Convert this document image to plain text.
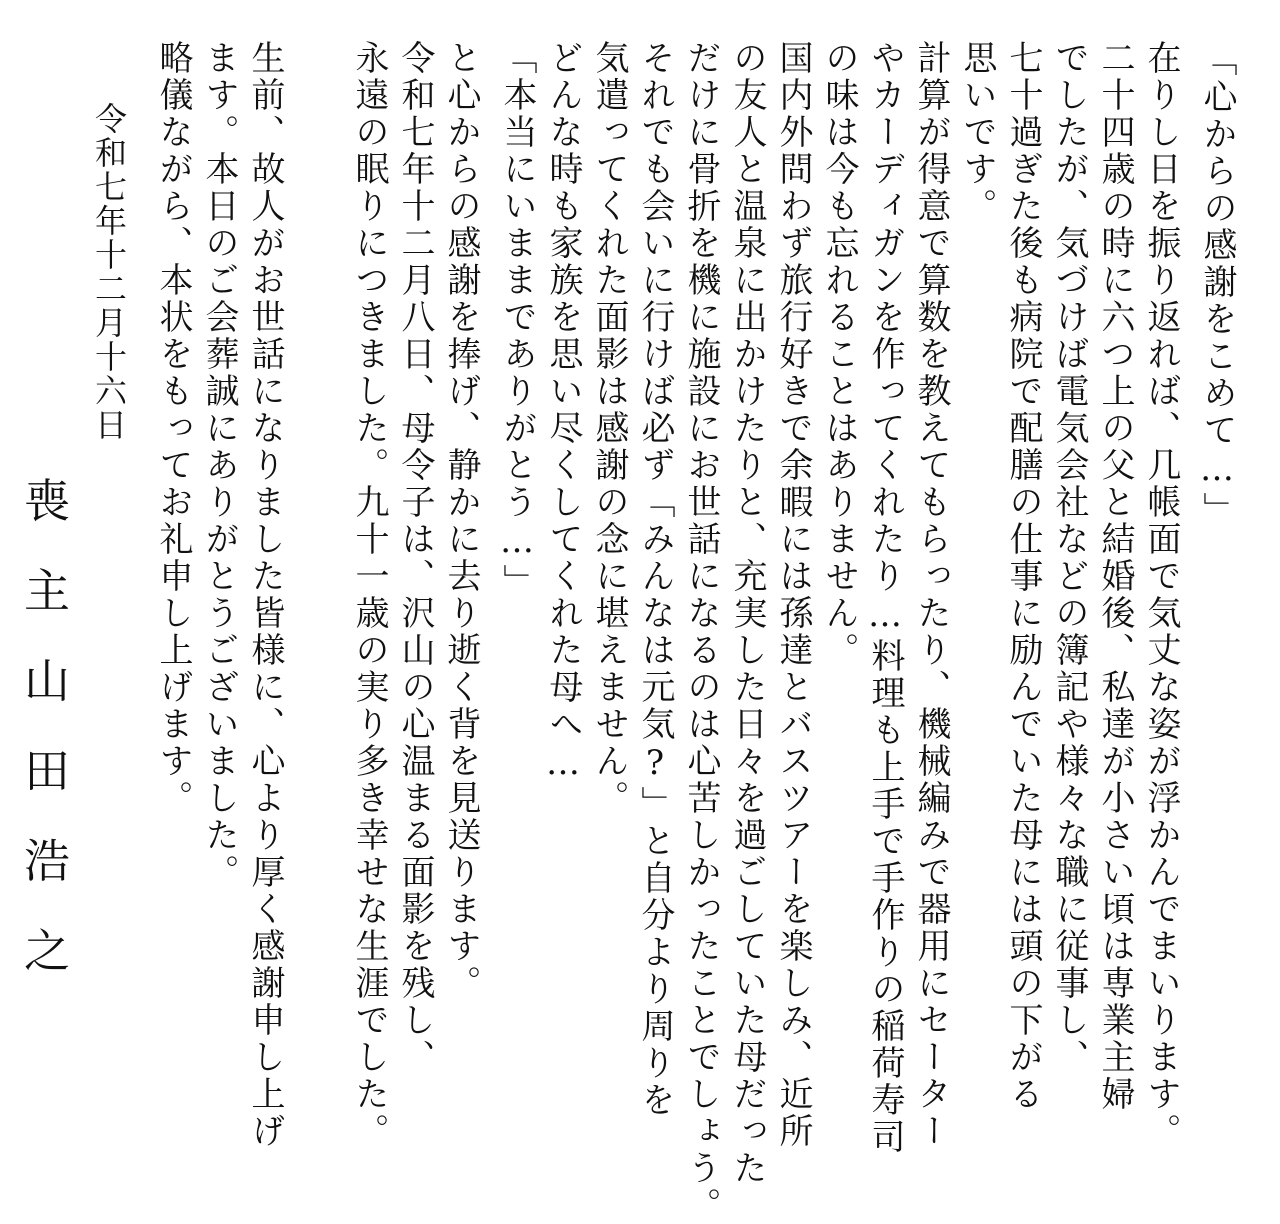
「心からの感謝をこめて…」
在りし日を振り返れば、几帳面で気丈な姿が浮かんでまいります。
二十四歳の時に六つ上の父と結婚後、私達が小さい頃は専業主婦
でしたが、気づけば電気会社などの簿記や様々な職に従事し、
七十過ぎた後も病院で配膳の仕事に励んでいた母には頭の下がる
思いです。
計算が得意で算数を教えてもらったり、機械編みで器用にセーター
やカーディガンを作ってくれたり…料理も上手で手作りの稲荷寿司
の味は今も忘れることはありません。
国内外問わず旅行好きで余暇には孫達とバスツアーを楽しみ、近所
の友人と温泉に出かけたりと、充実した日々を過ごしていた母だった
だけに骨折を機に施設にお世話になるのは心苦しかったことでしょう。
それでも会いに行けば必ず「みんなは元気?」と自分より周りを
気遣ってくれた面影は感謝の念に堪えません。
どんな時も家族を思い尽くしてくれた母へ…
「本当にいままでありがとう…」
と心からの感謝を捧げ、静かに去り逝く背を見送ります。
令和七年十二月八日、母令子は、沢山の心温まる面影を残し、
永遠の眠りにつきました。九十一歳の実り多き幸せな生涯でした。
生前、故人がお世話になりました皆様に、心より厚く感謝申し上げ
ます。本日のご会葬誠にありがとうございました。
略儀ながら、本状をもってお礼申し上げます。
令和七年十二月十六日
喪
主
山
田
浩
之
